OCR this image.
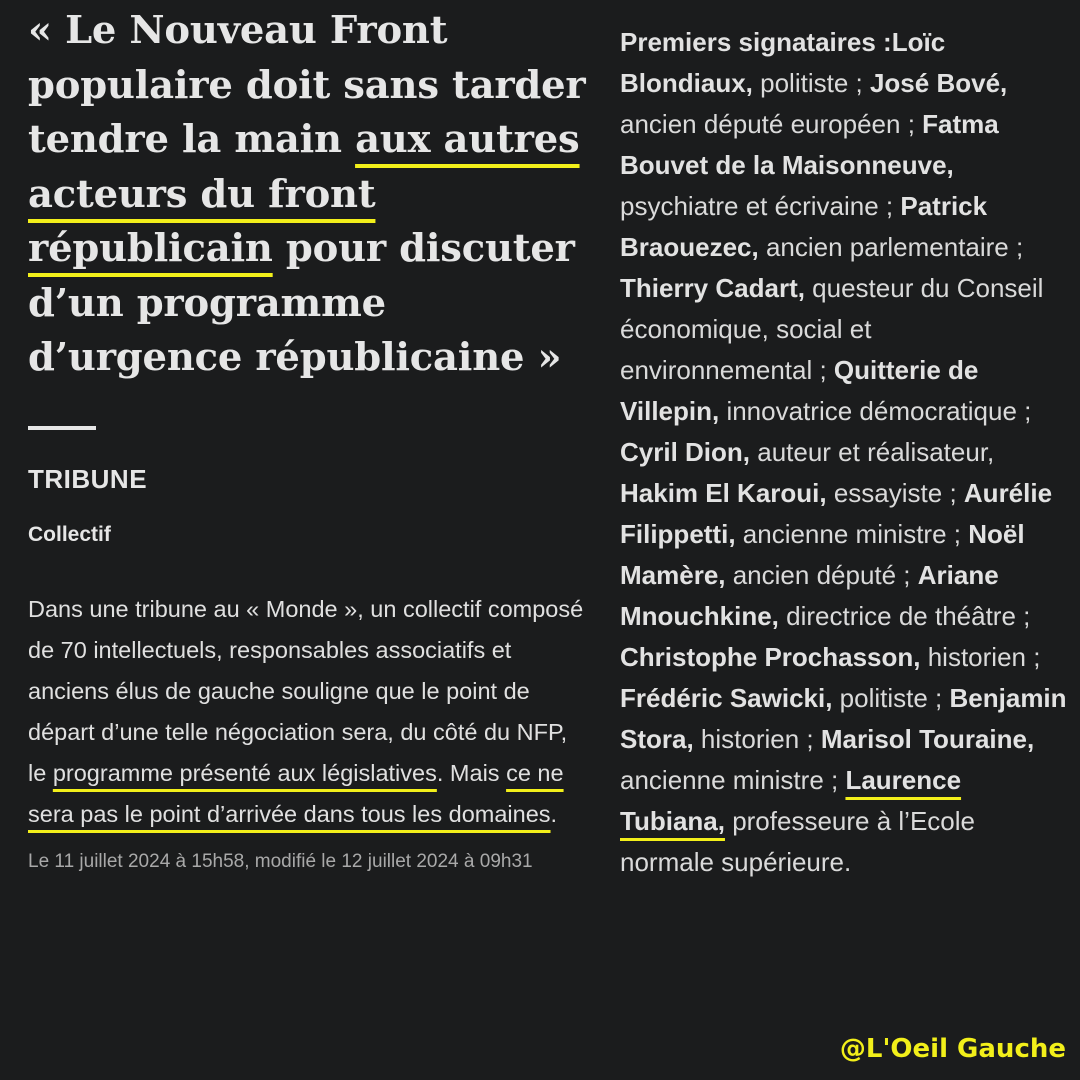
« Le Nouveau Front populaire doit sans tarder tendre la main aux autres acteurs du front républicain pour discuter d’un programme d’urgence républicaine »
TRIBUNE
Collectif
Dans une tribune au « Monde », un collectif composé de 70 intellectuels, responsables associatifs et anciens élus de gauche souligne que le point de départ d’une telle négociation sera, du côté du NFP, le programme présenté aux législatives. Mais ce ne sera pas le point d’arrivée dans tous les domaines.
Le 11 juillet 2024 à 15h58, modifié le 12 juillet 2024 à 09h31
Premiers signataires :Loïc Blondiaux, politiste ; José Bové, ancien député européen ; Fatma Bouvet de la Maisonneuve, psychiatre et écrivaine ; Patrick Braouezec, ancien parlementaire ; Thierry Cadart, questeur du Conseil économique, social et environnemental ; Quitterie de Villepin, innovatrice démocratique ; Cyril Dion, auteur et réalisateur, Hakim El Karoui, essayiste ; Aurélie Filippetti, ancienne ministre ; Noël Mamère, ancien député ; Ariane Mnouchkine, directrice de théâtre ; Christophe Prochasson, historien ; Frédéric Sawicki, politiste ; Benjamin Stora, historien ; Marisol Touraine, ancienne ministre ; Laurence Tubiana, professeure à l’Ecole normale supérieure.
@L'Oeil Gauche
